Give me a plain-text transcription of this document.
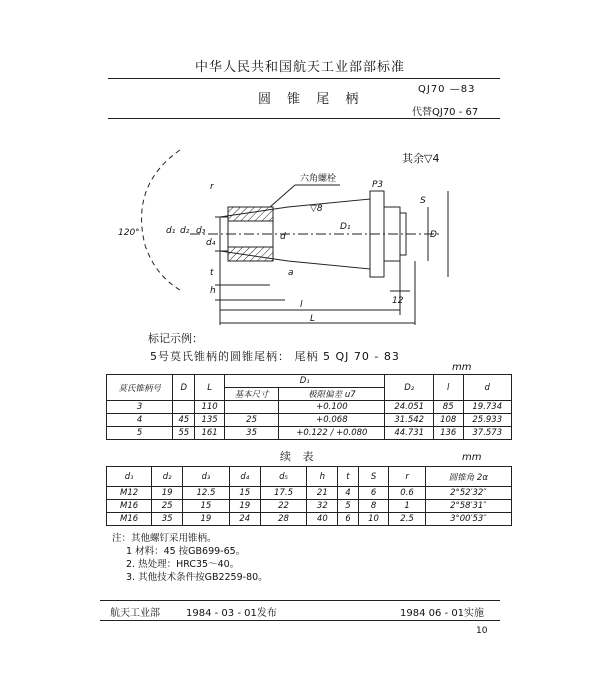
中华人民共和国航天工业部部标准
圆 锥 尾 柄
QJ70 —83
代替QJ70 - 67
其余▽4
r
六角螺栓
▽8
P3
S
120°	d₁ d₂ d₃
d₄
d
D₁
D
a
t
h
l
L
12
标记示例：
5号莫氏锥柄的圆锥尾柄： 尾柄 5 QJ 70 - 83
mm
莫氏锥柄号	D	L	D₁		D₂	l	d
			基本尺寸	极限偏差 u7			
3		110		+0.100	24.051	85	19.734
4	45	135	25	+0.068	31.542	108	25.933
5	55	161	35	+0.122 / +0.080	44.731	136	37.573
续 表	mm
d₁	d₂	d₃	d₄	d₅	h	t	S	r	圆锥角 2α
M12	19	12.5	15	17.5	21	4	6	0.6	2°52′32″
M16	25	15	19	22	32	5	8	1	2°58′31″
M16	35	19	24	28	40	6	10	2.5	3°00′53″
注：其他螺钉采用锥柄。
1 材料：45 按GB699-65。
2. 热处理：HRC35～40。
3. 其他技术条件按GB2259-80。
航天工业部	1984 - 03 - 01发布	1984 06 - 01实施
10
